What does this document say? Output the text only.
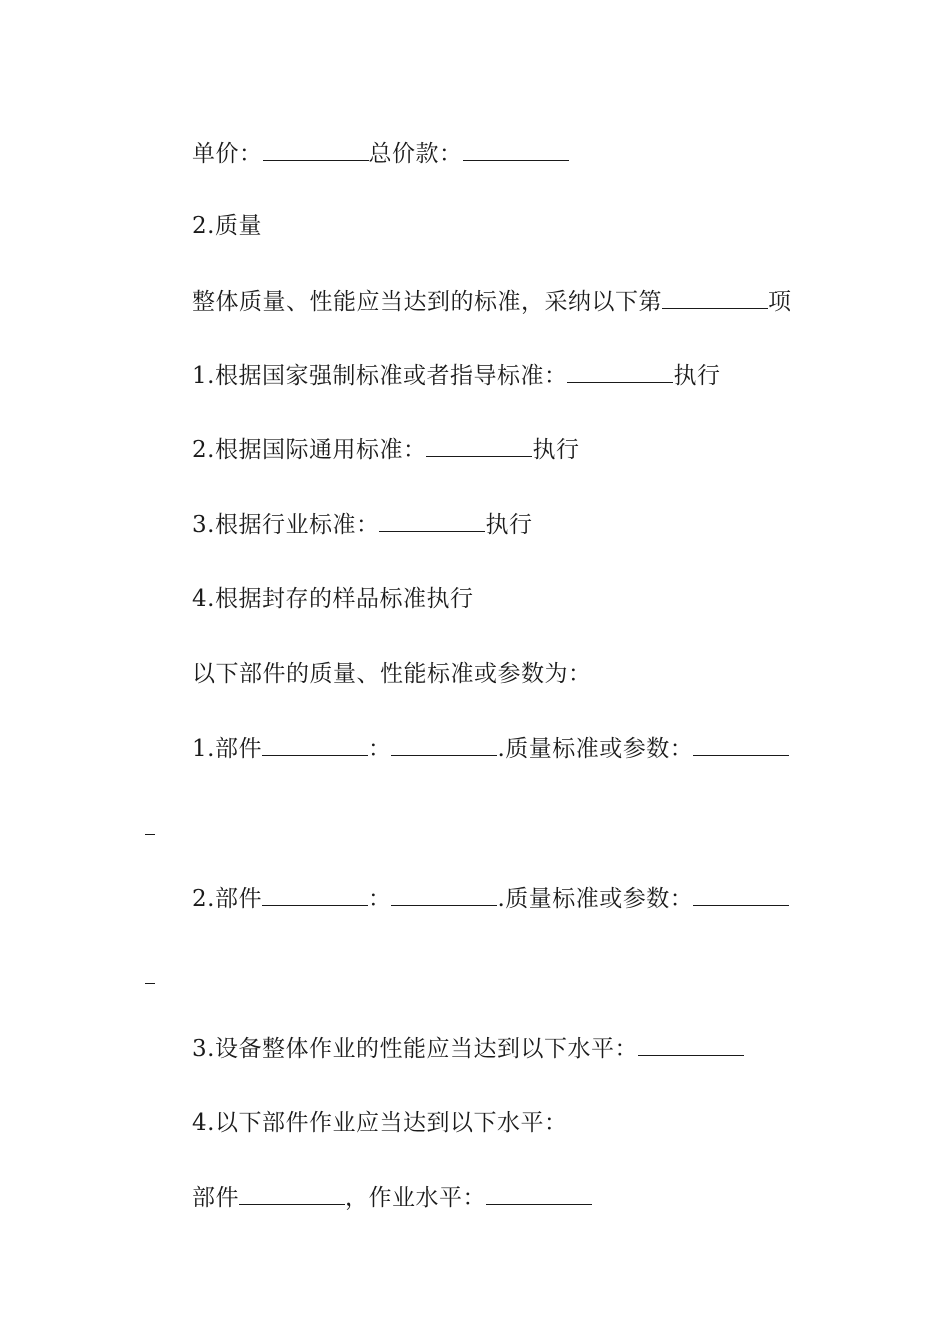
单价：	总价款：
2.质量
整体质量、性能应当达到的标准，采纳以下第	项
1.根据国家强制标准或者指导标准：	执行
2.根据国际通用标准：	执行
3.根据行业标准：	执行
4.根据封存的样品标准执行
以下部件的质量、性能标准或参数为：
1.部件	：	.质量标准或参数：
2.部件	：	.质量标准或参数：
3.设备整体作业的性能应当达到以下水平：
4.以下部件作业应当达到以下水平：
部件	，作业水平：
